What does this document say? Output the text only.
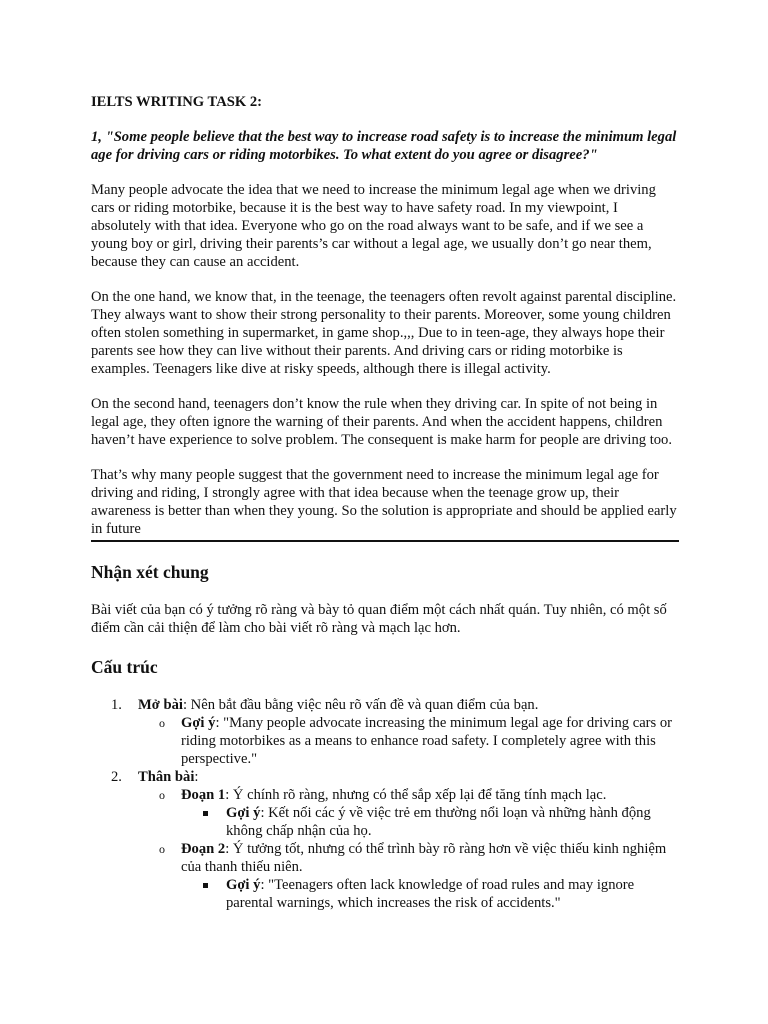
IELTS WRITING TASK 2:

1, "Some people believe that the best way to increase road safety is to increase the minimum legal age for driving cars or riding motorbikes. To what extent do you agree or disagree?"

Many people advocate the idea that we need to increase the minimum legal age when we driving cars or riding motorbike, because it is the best way to have safety road. In my viewpoint, I absolutely with that idea. Everyone who go on the road always want to be safe, and if we see a young boy or girl, driving their parents’s car without a legal age, we usually don’t go near them, because they can cause an accident.

On the one hand, we know that, in the teenage, the teenagers often revolt against parental discipline. They always want to show their strong personality to their parents. Moreover, some young children often stolen something in supermarket, in game shop.,,, Due to in teen-age, they always hope their parents see how they can live without their parents. And driving cars or riding motorbike is examples. Teenagers like dive at risky speeds, although there is illegal activity.

On the second hand, teenagers don’t know the rule when they driving car. In spite of not being in legal age, they often ignore the warning of their parents. And when the accident happens, children haven’t have experience to solve problem. The consequent is make harm for people are driving too.

That’s why many people suggest that the government need to increase the minimum legal age for driving and riding, I strongly agree with that idea because when the teenage grow up, their awareness is better than when they young. So the solution is appropriate and should be applied early in future

Nhận xét chung

Bài viết của bạn có ý tưởng rõ ràng và bày tỏ quan điểm một cách nhất quán. Tuy nhiên, có một số điểm cần cải thiện để làm cho bài viết rõ ràng và mạch lạc hơn.

Cấu trúc
1. Mở bài: Nên bắt đầu bằng việc nêu rõ vấn đề và quan điểm của bạn.
o Gợi ý: "Many people advocate increasing the minimum legal age for driving cars or riding motorbikes as a means to enhance road safety. I completely agree with this perspective."
2. Thân bài:
o Đoạn 1: Ý chính rõ ràng, nhưng có thể sắp xếp lại để tăng tính mạch lạc.
Gợi ý: Kết nối các ý về việc trẻ em thường nổi loạn và những hành động không chấp nhận của họ.
o Đoạn 2: Ý tưởng tốt, nhưng có thể trình bày rõ ràng hơn về việc thiếu kinh nghiệm của thanh thiếu niên.
Gợi ý: "Teenagers often lack knowledge of road rules and may ignore parental warnings, which increases the risk of accidents."
